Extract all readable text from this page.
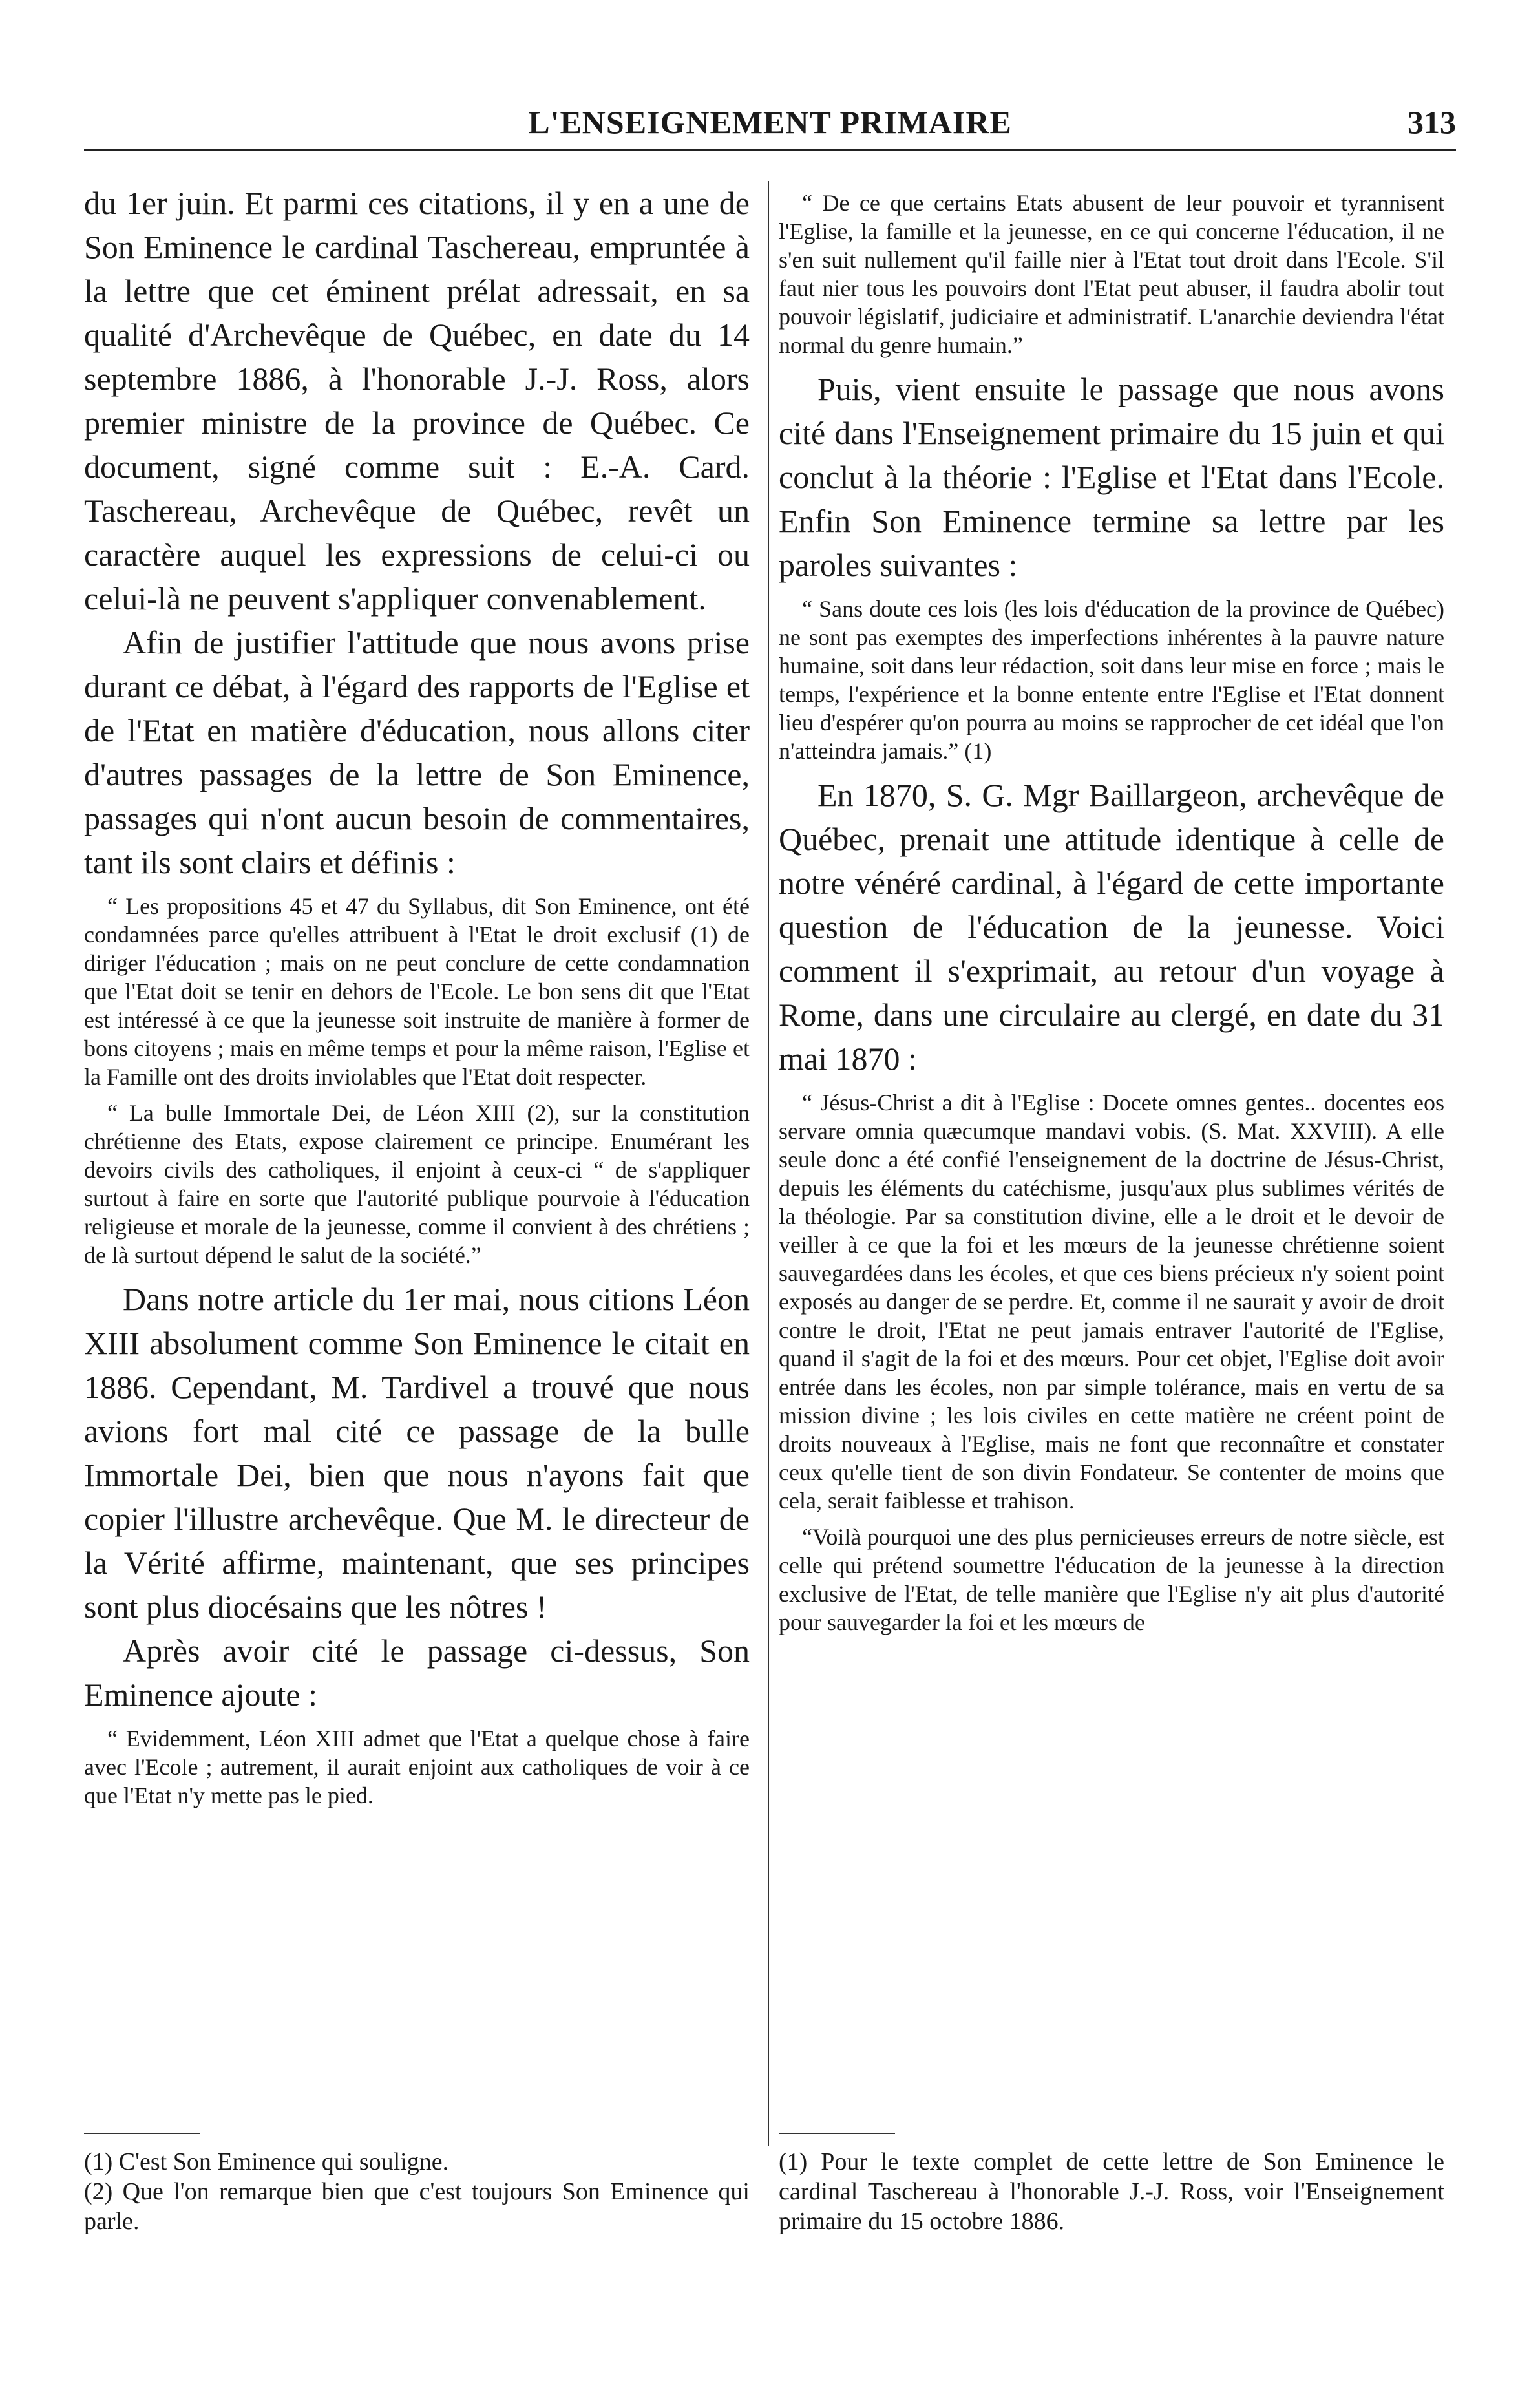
L'ENSEIGNEMENT PRIMAIRE	313

du 1er juin. Et parmi ces citations, il y en a une de Son Eminence le cardinal Taschereau, empruntée à la lettre que cet éminent prélat adressait, en sa qualité d'Archevêque de Québec, en date du 14 septembre 1886, à l'honorable J.-J. Ross, alors premier ministre de la province de Québec. Ce document, signé comme suit : E.-A. Card. Taschereau, Archevêque de Québec, revêt un caractère auquel les expressions de celui-ci ou celui-là ne peuvent s'appliquer convenablement.

Afin de justifier l'attitude que nous avons prise durant ce débat, à l'égard des rapports de l'Eglise et de l'Etat en matière d'éducation, nous allons citer d'autres passages de la lettre de Son Eminence, passages qui n'ont aucun besoin de commentaires, tant ils sont clairs et définis :

“ Les propositions 45 et 47 du Syllabus, dit Son Eminence, ont été condamnées parce qu'elles attribuent à l'Etat le droit exclusif (1) de diriger l'éducation ; mais on ne peut conclure de cette condamnation que l'Etat doit se tenir en dehors de l'Ecole. Le bon sens dit que l'Etat est intéressé à ce que la jeunesse soit instruite de manière à former de bons citoyens ; mais en même temps et pour la même raison, l'Eglise et la Famille ont des droits inviolables que l'Etat doit respecter.

“ La bulle Immortale Dei, de Léon XIII (2), sur la constitution chrétienne des Etats, expose clairement ce principe. Enumérant les devoirs civils des catholiques, il enjoint à ceux-ci “ de s'appliquer surtout à faire en sorte que l'autorité publique pourvoie à l'éducation religieuse et morale de la jeunesse, comme il convient à des chrétiens ; de là surtout dépend le salut de la société.”

Dans notre article du 1er mai, nous citions Léon XIII absolument comme Son Eminence le citait en 1886. Cependant, M. Tardivel a trouvé que nous avions fort mal cité ce passage de la bulle Immortale Dei, bien que nous n'ayons fait que copier l'illustre archevêque. Que M. le directeur de la Vérité affirme, maintenant, que ses principes sont plus diocésains que les nôtres !

Après avoir cité le passage ci-dessus, Son Eminence ajoute :

“ Evidemment, Léon XIII admet que l'Etat a quelque chose à faire avec l'Ecole ; autrement, il aurait enjoint aux catholiques de voir à ce que l'Etat n'y mette pas le pied.

(1) C'est Son Eminence qui souligne.

(2) Que l'on remarque bien que c'est toujours Son Eminence qui parle.

“ De ce que certains Etats abusent de leur pouvoir et tyrannisent l'Eglise, la famille et la jeunesse, en ce qui concerne l'éducation, il ne s'en suit nullement qu'il faille nier à l'Etat tout droit dans l'Ecole. S'il faut nier tous les pouvoirs dont l'Etat peut abuser, il faudra abolir tout pouvoir législatif, judiciaire et administratif. L'anarchie deviendra l'état normal du genre humain.”

Puis, vient ensuite le passage que nous avons cité dans l'Enseignement primaire du 15 juin et qui conclut à la théorie : l'Eglise et l'Etat dans l'Ecole. Enfin Son Eminence termine sa lettre par les paroles suivantes :

“ Sans doute ces lois (les lois d'éducation de la province de Québec) ne sont pas exemptes des imperfections inhérentes à la pauvre nature humaine, soit dans leur rédaction, soit dans leur mise en force ; mais le temps, l'expérience et la bonne entente entre l'Eglise et l'Etat donnent lieu d'espérer qu'on pourra au moins se rapprocher de cet idéal que l'on n'atteindra jamais.” (1)

En 1870, S. G. Mgr Baillargeon, archevêque de Québec, prenait une attitude identique à celle de notre vénéré cardinal, à l'égard de cette importante question de l'éducation de la jeunesse. Voici comment il s'exprimait, au retour d'un voyage à Rome, dans une circulaire au clergé, en date du 31 mai 1870 :

“ Jésus-Christ a dit à l'Eglise : Docete omnes gentes.. docentes eos servare omnia quæcumque mandavi vobis. (S. Mat. XXVIII). A elle seule donc a été confié l'enseignement de la doctrine de Jésus-Christ, depuis les éléments du catéchisme, jusqu'aux plus sublimes vérités de la théologie. Par sa constitution divine, elle a le droit et le devoir de veiller à ce que la foi et les mœurs de la jeunesse chrétienne soient sauvegardées dans les écoles, et que ces biens précieux n'y soient point exposés au danger de se perdre. Et, comme il ne saurait y avoir de droit contre le droit, l'Etat ne peut jamais entraver l'autorité de l'Eglise, quand il s'agit de la foi et des mœurs. Pour cet objet, l'Eglise doit avoir entrée dans les écoles, non par simple tolérance, mais en vertu de sa mission divine ; les lois civiles en cette matière ne créent point de droits nouveaux à l'Eglise, mais ne font que reconnaître et constater ceux qu'elle tient de son divin Fondateur. Se contenter de moins que cela, serait faiblesse et trahison.

“Voilà pourquoi une des plus pernicieuses erreurs de notre siècle, est celle qui prétend soumettre l'éducation de la jeunesse à la direction exclusive de l'Etat, de telle manière que l'Eglise n'y ait plus d'autorité pour sauvegarder la foi et les mœurs de

(1) Pour le texte complet de cette lettre de Son Eminence le cardinal Taschereau à l'honorable J.-J. Ross, voir l'Enseignement primaire du 15 octobre 1886.
